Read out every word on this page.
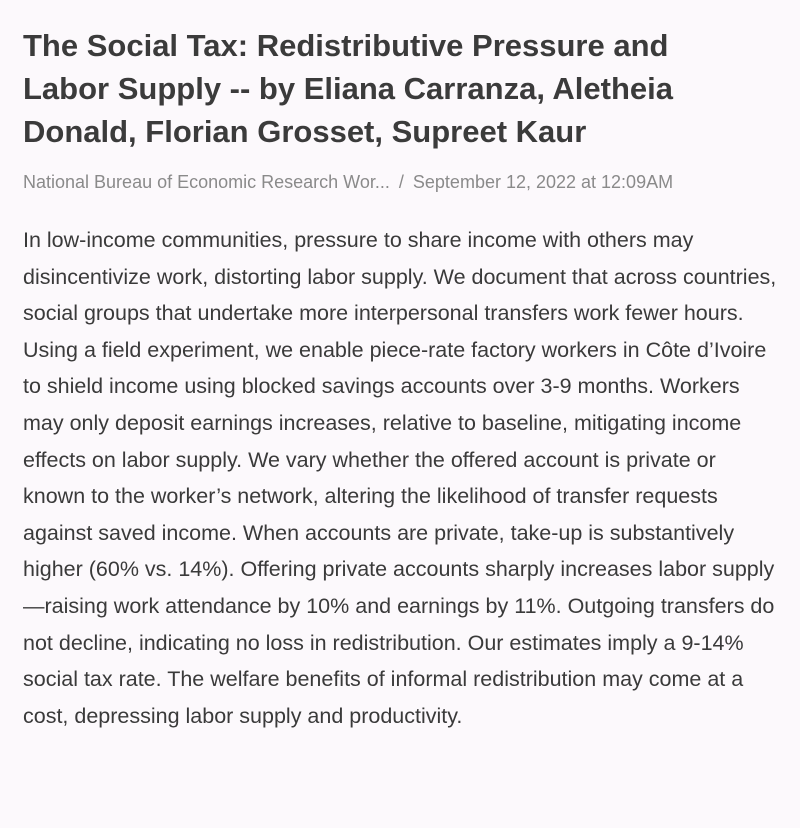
The Social Tax: Redistributive Pressure and Labor Supply -- by Eliana Carranza, Aletheia Donald, Florian Grosset, Supreet Kaur
National Bureau of Economic Research Wor... / September 12, 2022 at 12:09AM
In low-income communities, pressure to share income with others may disincentivize work, distorting labor supply. We document that across countries, social groups that undertake more interpersonal transfers work fewer hours. Using a field experiment, we enable piece-rate factory workers in Côte d’Ivoire to shield income using blocked savings accounts over 3-9 months. Workers may only deposit earnings increases, relative to baseline, mitigating income effects on labor supply. We vary whether the offered account is private or known to the worker’s network, altering the likelihood of transfer requests against saved income. When accounts are private, take-up is substantively higher (60% vs. 14%). Offering private accounts sharply increases labor supply—raising work attendance by 10% and earnings by 11%. Outgoing transfers do not decline, indicating no loss in redistribution. Our estimates imply a 9-14% social tax rate. The welfare benefits of informal redistribution may come at a cost, depressing labor supply and productivity.
